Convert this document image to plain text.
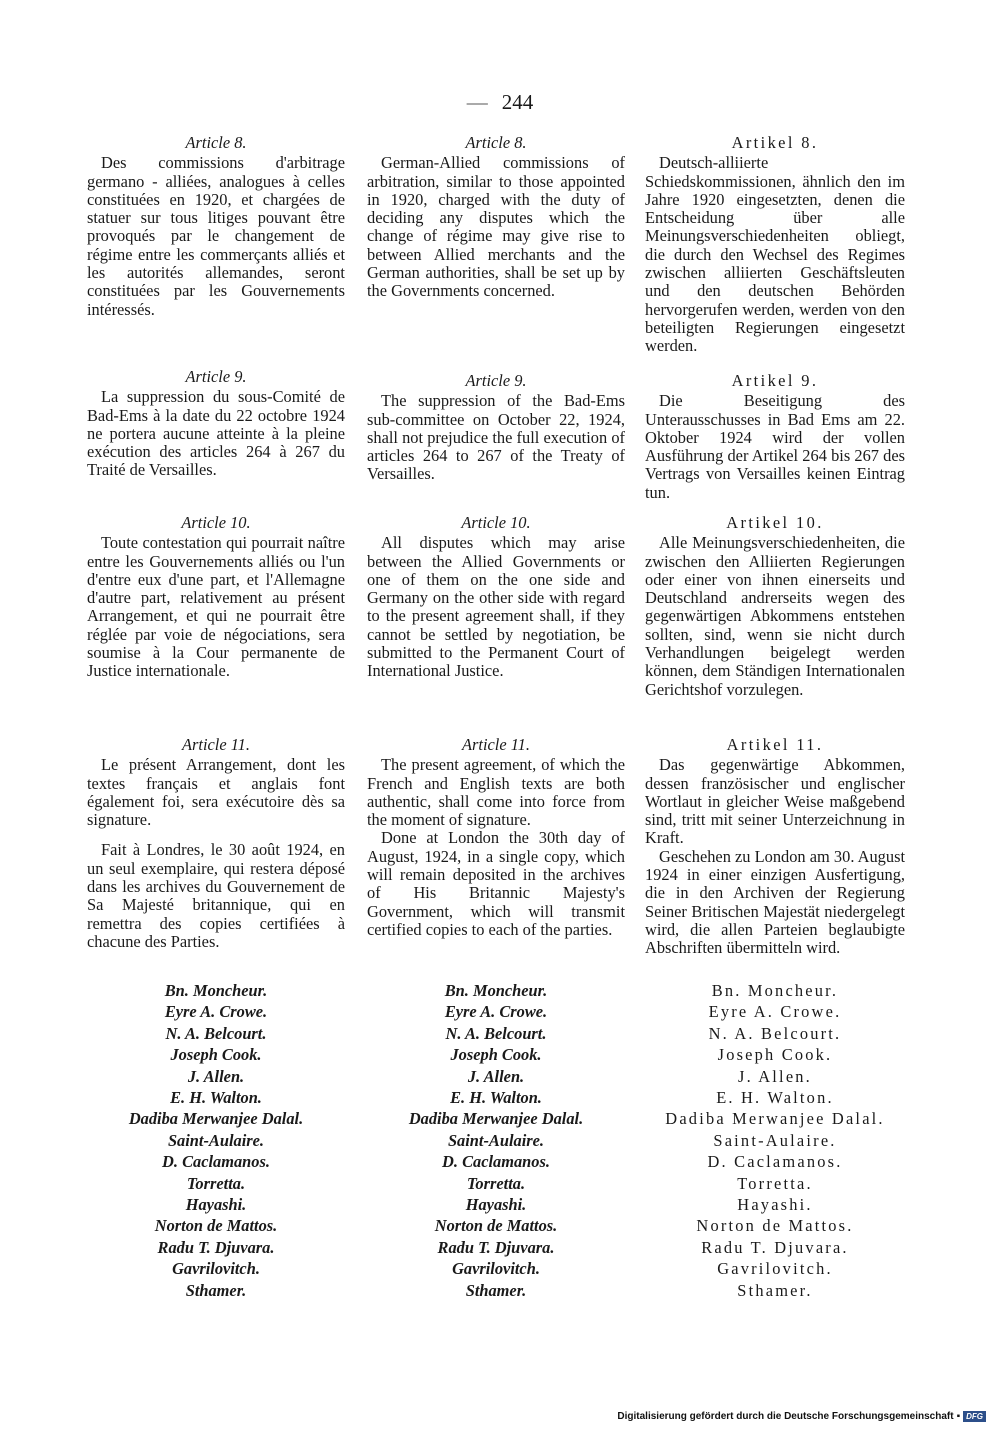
— 244
Article 8.

Des commissions d'arbitrage germano - alliées, analogues à celles constituées en 1920, et chargées de statuer sur tous litiges pouvant être provoqués par le changement de régime entre les commerçants alliés et les autorités allemandes, seront constituées par les Gouvernements intéressés.

Article 9.

La suppression du sous-Comité de Bad-Ems à la date du 22 octobre 1924 ne portera aucune atteinte à la pleine exécution des articles 264 à 267 du Traité de Versailles.

Article 10.

Toute contestation qui pourrait naître entre les Gouvernements alliés ou l'un d'entre eux d'une part, et l'Allemagne d'autre part, relativement au présent Arrangement, et qui ne pourrait être réglée par voie de négociations, sera soumise à la Cour permanente de Justice internationale.

Article 11.

Le présent Arrangement, dont les textes français et anglais font également foi, sera exécutoire dès sa signature.

Fait à Londres, le 30 août 1924, en un seul exemplaire, qui restera déposé dans les archives du Gouvernement de Sa Majesté britannique, qui en remettra des copies certifiées à chacune des Parties.

Bn. Moncheur.
Eyre A. Crowe.
N. A. Belcourt.
Joseph Cook.
J. Allen.
E. H. Walton.
Dadiba Merwanjee Dalal.
Saint-Aulaire.
D. Caclamanos.
Torretta.
Hayashi.
Norton de Mattos.
Radu T. Djuvara.
Gavrilovitch.
Sthamer.
Article 8.

German-Allied commissions of arbitration, similar to those appointed in 1920, charged with the duty of deciding any disputes which the change of régime may give rise to between Allied merchants and the German authorities, shall be set up by the Governments concerned.

Article 9.

The suppression of the Bad-Ems sub-committee on October 22, 1924, shall not prejudice the full execution of articles 264 to 267 of the Treaty of Versailles.

Article 10.

All disputes which may arise between the Allied Governments or one of them on the one side and Germany on the other side with regard to the present agreement shall, if they cannot be settled by negotiation, be submitted to the Permanent Court of International Justice.

Article 11.

The present agreement, of which the French and English texts are both authentic, shall come into force from the moment of signature.

Done at London the 30th day of August, 1924, in a single copy, which will remain deposited in the archives of His Britannic Majesty's Government, which will transmit certified copies to each of the parties.

Bn. Moncheur.
Eyre A. Crowe.
N. A. Belcourt.
Joseph Cook.
J. Allen.
E. H. Walton.
Dadiba Merwanjee Dalal.
Saint-Aulaire.
D. Caclamanos.
Torretta.
Hayashi.
Norton de Mattos.
Radu T. Djuvara.
Gavrilovitch.
Sthamer.
Artikel 8.

Deutsch-alliierte Schiedskommissionen, ähnlich den im Jahre 1920 eingesetzten, denen die Entscheidung über alle Meinungsverschiedenheiten obliegt, die durch den Wechsel des Regimes zwischen alliierten Geschäftsleuten und den deutschen Behörden hervorgerufen werden, werden von den beteiligten Regierungen eingesetzt werden.

Artikel 9.

Die Beseitigung des Unterausschusses in Bad Ems am 22. Oktober 1924 wird der vollen Ausführung der Artikel 264 bis 267 des Vertrags von Versailles keinen Eintrag tun.

Artikel 10.

Alle Meinungsverschiedenheiten, die zwischen den Alliierten Regierungen oder einer von ihnen einerseits und Deutschland andrerseits wegen des gegenwärtigen Abkommens entstehen sollten, sind, wenn sie nicht durch Verhandlungen beigelegt werden können, dem Ständigen Internationalen Gerichtshof vorzulegen.

Artikel 11.

Das gegenwärtige Abkommen, dessen französischer und englischer Wortlaut in gleicher Weise maßgebend sind, tritt mit seiner Unterzeichnung in Kraft.

Geschehen zu London am 30. August 1924 in einer einzigen Ausfertigung, die in den Archiven der Regierung Seiner Britischen Majestät niedergelegt wird, die allen Parteien beglaubigte Abschriften übermitteln wird.

Bn. Moncheur.
Eyre A. Crowe.
N. A. Belcourt.
Joseph Cook.
J. Allen.
E. H. Walton.
Dadiba Merwanjee Dalal.
Saint-Aulaire.
D. Caclamanos.
Torretta.
Hayashi.
Norton de Mattos.
Radu T. Djuvara.
Gavrilovitch.
Sthamer.
Digitalisierung gefördert durch die Deutsche Forschungsgemeinschaft ▪ DFG
